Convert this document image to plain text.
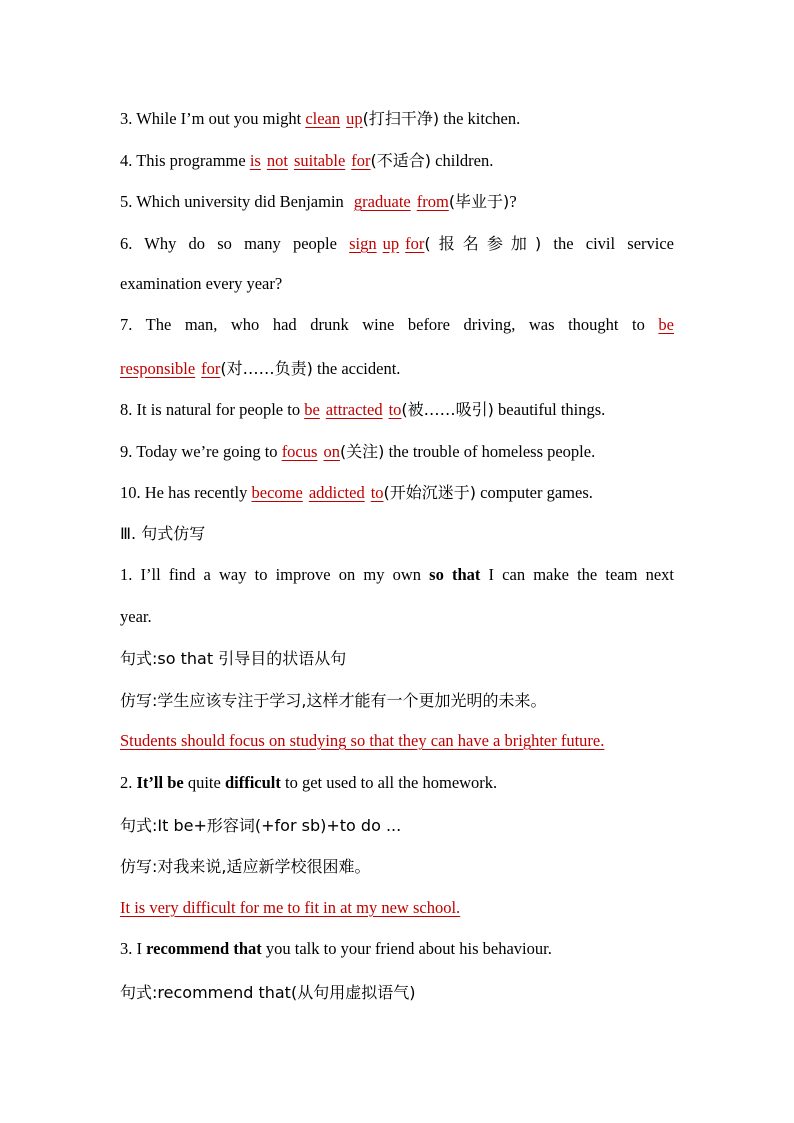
3. While I’m out you might clean up(打扫干净) the kitchen.
4. This programme is not suitable for(不适合) children.
5. Which university did Benjamin graduate from(毕业于)?
6. Why do so many people sign up for(报名参加) the civil service
examination every year?
7. The man, who had drunk wine before driving, was thought to be
responsible for(对……负责) the accident.
8. It is natural for people to be attracted to(被……吸引) beautiful things.
9. Today we’re going to focus on(关注) the trouble of homeless people.
10. He has recently become addicted to(开始沉迷于) computer games.
Ⅲ. 句式仿写
1. I’ll find a way to improve on my own so that I can make the team next
year.
句式:so that 引导目的状语从句
仿写:学生应该专注于学习,这样才能有一个更加光明的未来。
Students should focus on studying so that they can have a brighter future.
2. It’ll be quite difficult to get used to all the homework.
句式:It be+形容词(+for sb)+to do ...
仿写:对我来说,适应新学校很困难。
It is very difficult for me to fit in at my new school.
3. I recommend that you talk to your friend about his behaviour.
句式:recommend that(从句用虚拟语气)
